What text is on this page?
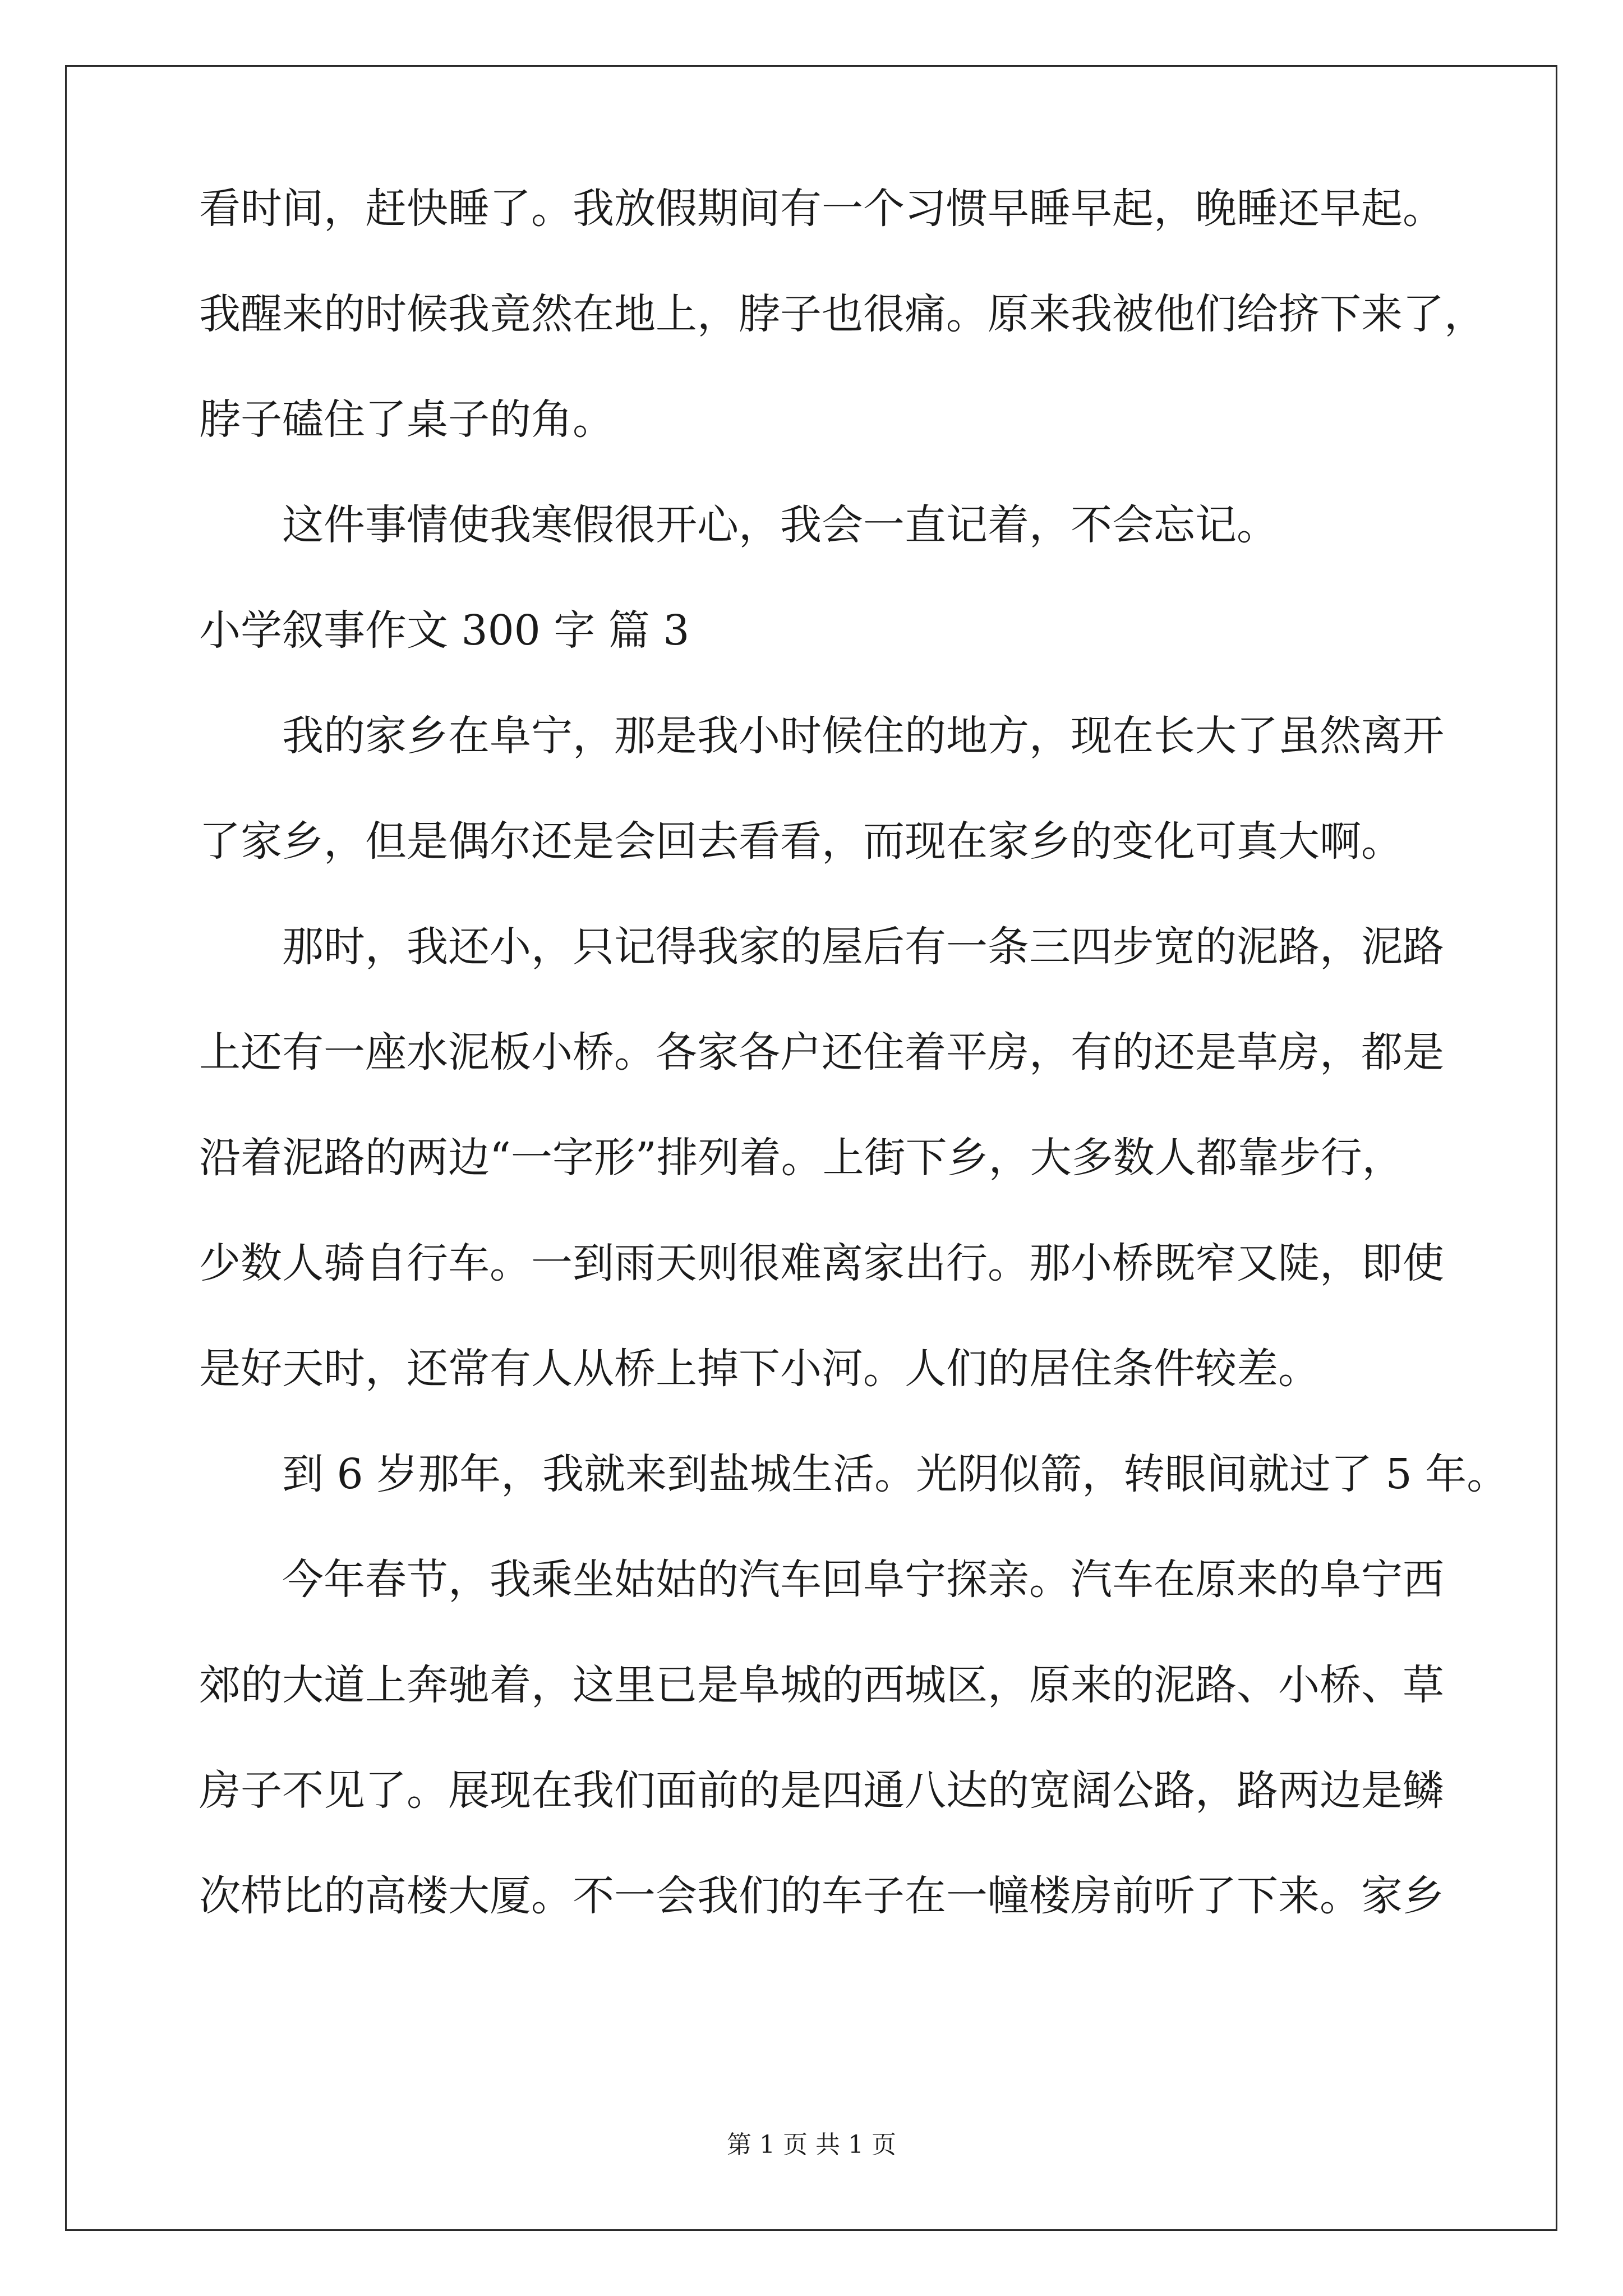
看时间，赶快睡了。我放假期间有一个习惯早睡早起，晚睡还早起。
我醒来的时候我竟然在地上，脖子也很痛。原来我被他们给挤下来了，
脖子磕住了桌子的角。
　　这件事情使我寒假很开心，我会一直记着，不会忘记。
小学叙事作文 300 字 篇 3
　　我的家乡在阜宁，那是我小时候住的地方，现在长大了虽然离开
了家乡，但是偶尔还是会回去看看，而现在家乡的变化可真大啊。
　　那时，我还小，只记得我家的屋后有一条三四步宽的泥路，泥路
上还有一座水泥板小桥。各家各户还住着平房，有的还是草房，都是
沿着泥路的两边“一字形”排列着。上街下乡，大多数人都靠步行，
少数人骑自行车。一到雨天则很难离家出行。那小桥既窄又陡，即使
是好天时，还常有人从桥上掉下小河。人们的居住条件较差。
　　到 6 岁那年，我就来到盐城生活。光阴似箭，转眼间就过了 5 年。
　　今年春节，我乘坐姑姑的汽车回阜宁探亲。汽车在原来的阜宁西
郊的大道上奔驰着，这里已是阜城的西城区，原来的泥路、小桥、草
房子不见了。展现在我们面前的是四通八达的宽阔公路，路两边是鳞
次栉比的高楼大厦。不一会我们的车子在一幢楼房前听了下来。家乡
第 1 页 共 1 页
